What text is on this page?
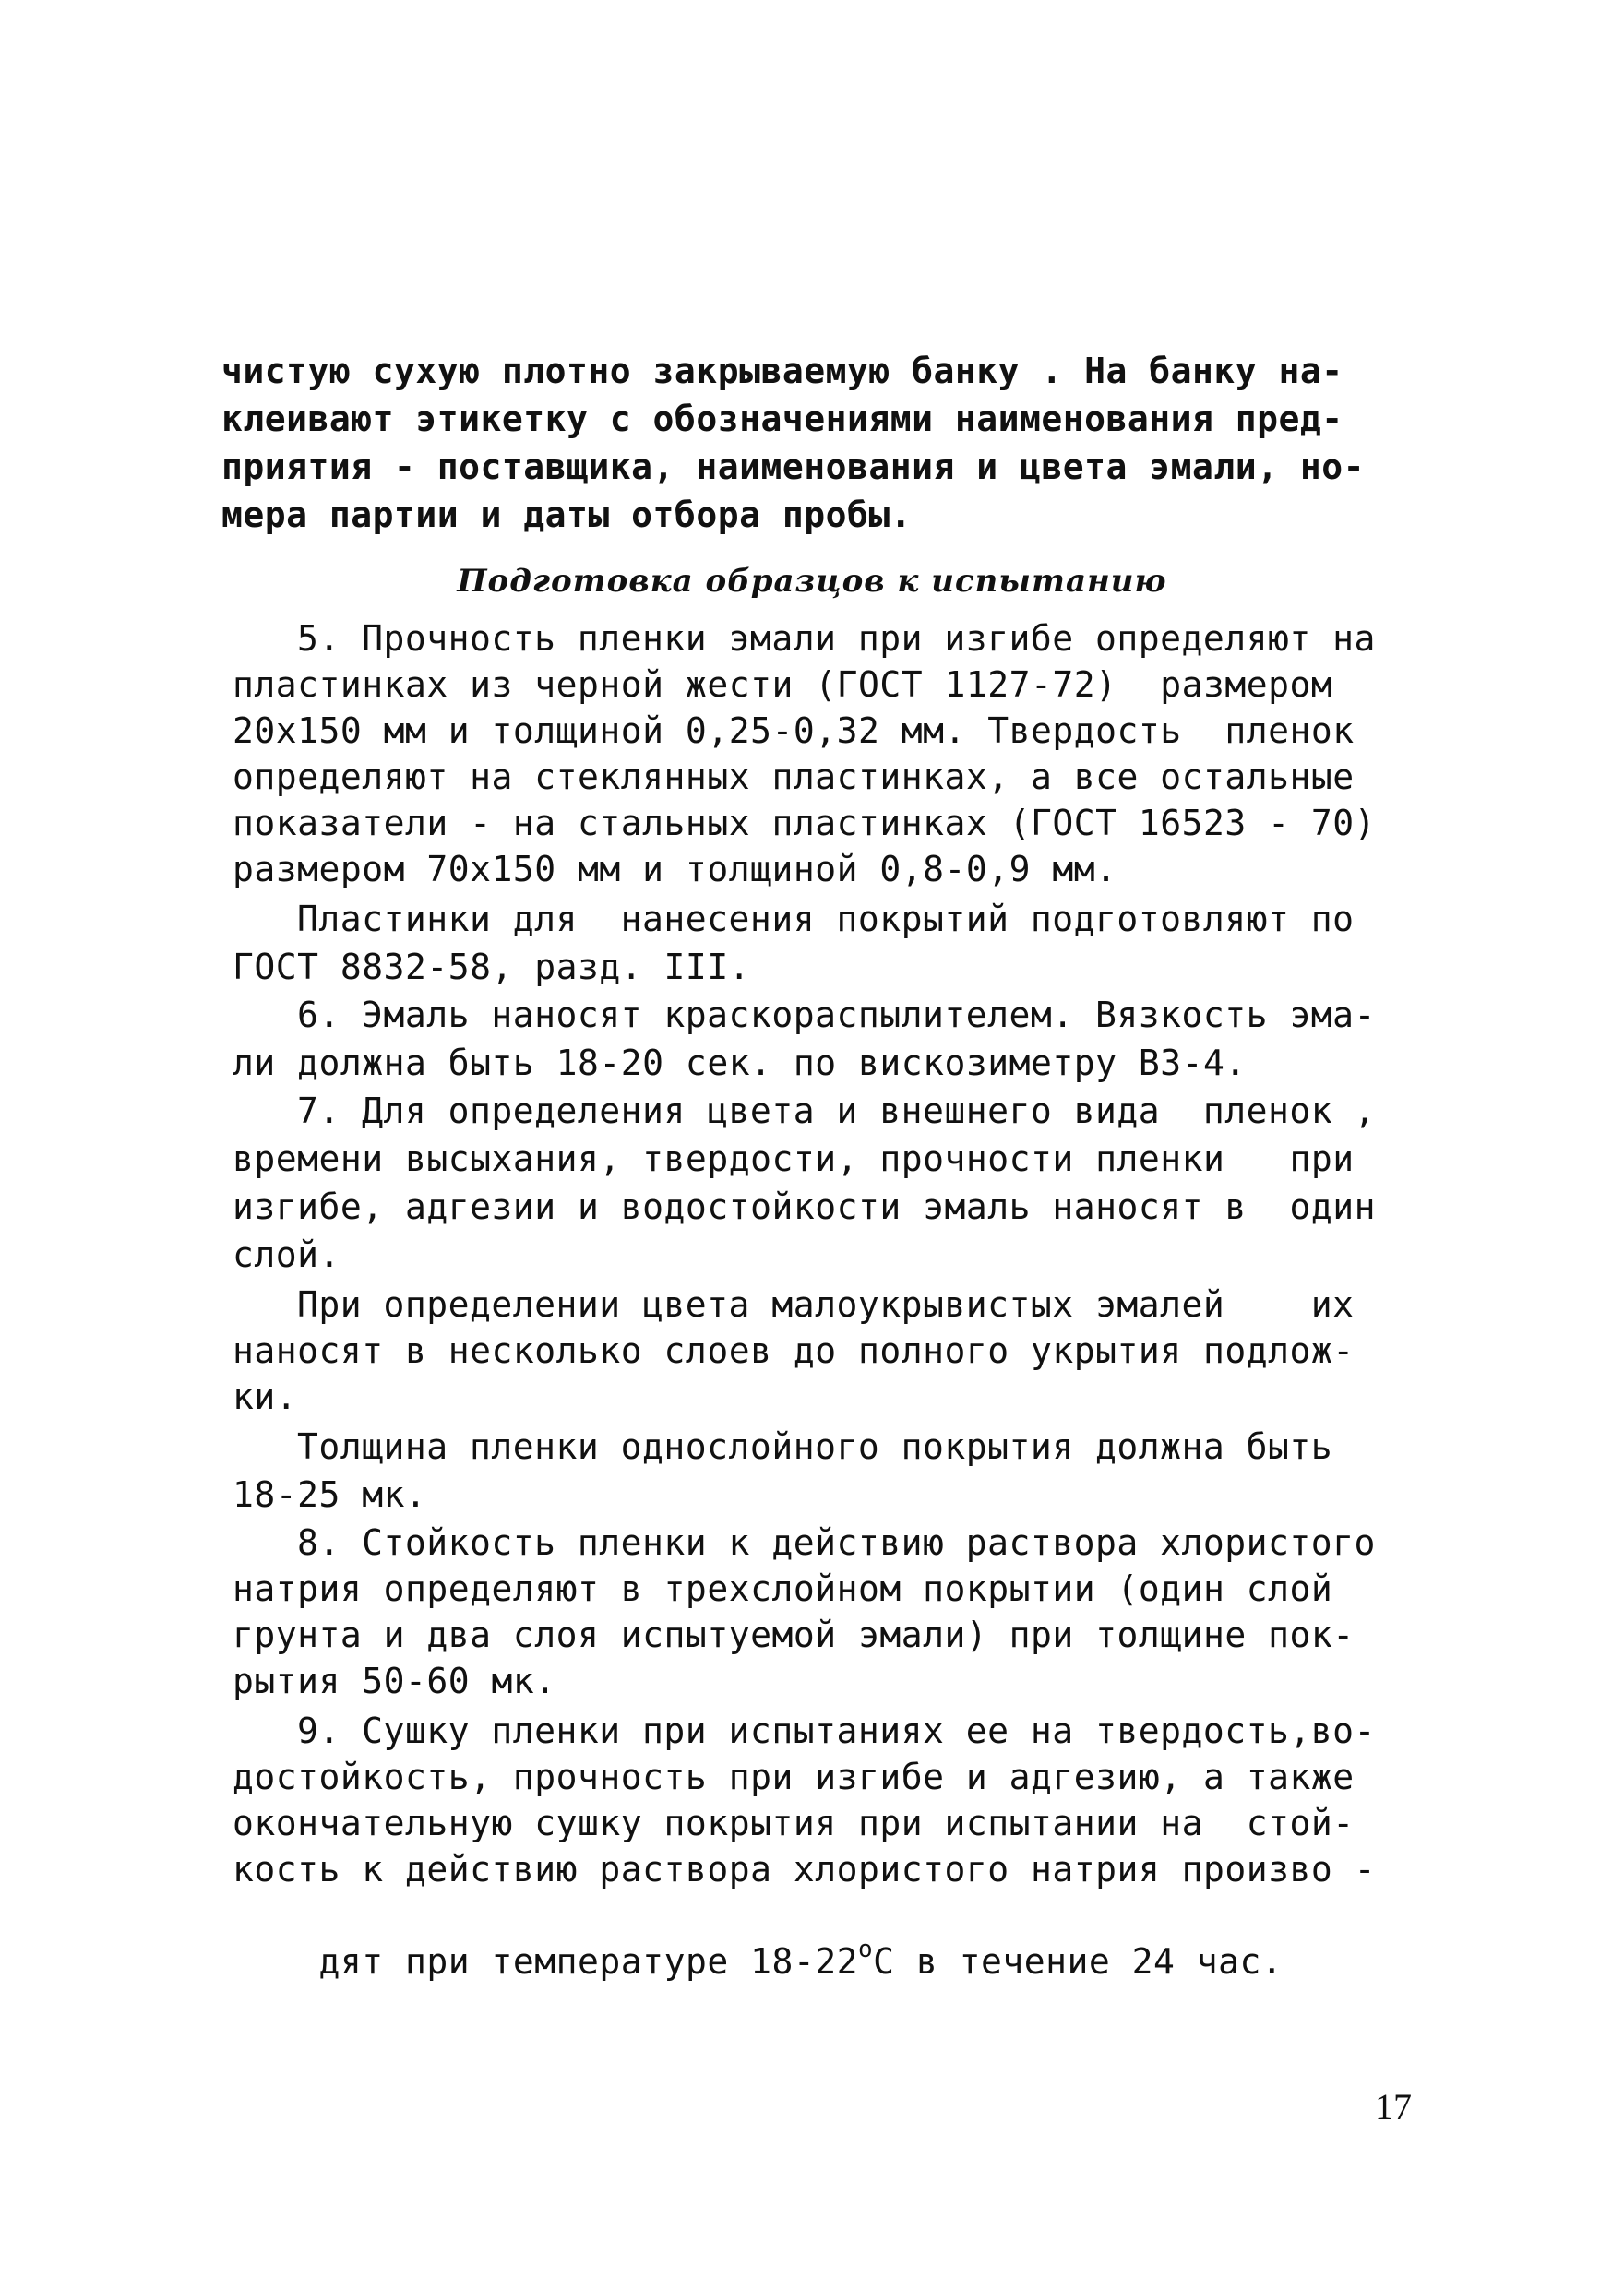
чистую сухую плотно закрываемую банку . На банку на-
клеивают этикетку с обозначениями наименования пред-
приятия - поставщика, наименования и цвета эмали, но-
мера партии и даты отбора пробы.
Подготовка образцов к испытанию
5. Прочность пленки эмали при изгибе определяют на
пластинках из черной жести (ГОСТ 1127-72)  размером
20x150 мм и толщиной 0,25-0,32 мм. Твердость  пленок
определяют на стеклянных пластинках, а все остальные
показатели - на стальных пластинках (ГОСТ 16523 - 70)
размером 70x150 мм и толщиной 0,8-0,9 мм.
Пластинки для  нанесения покрытий подготовляют по
ГОСТ 8832-58, разд. III.
6. Эмаль наносят краскораспылителем. Вязкость эма-
ли должна быть 18-20 сек. по вискозиметру ВЗ-4.
7. Для определения цвета и внешнего вида  пленок ,
времени высыхания, твердости, прочности пленки   при
изгибе, адгезии и водостойкости эмаль наносят в  один
слой.
При определении цвета малоукрывистых эмалей    их
наносят в несколько слоев до полного укрытия подлож-
ки.
Толщина пленки однослойного покрытия должна быть
18-25 мк.
8. Стойкость пленки к действию раствора хлористого
натрия определяют в трехслойном покрытии (один слой
грунта и два слоя испытуемой эмали) при толщине пок-
рытия 50-60 мк.
9. Сушку пленки при испытаниях ее на твердость,во-
достойкость, прочность при изгибе и адгезию, а также
окончательную сушку покрытия при испытании на  стой-
кость к действию раствора хлористого натрия произво -

дят при температуре $18-22^оС$ в течение 24 час.

17
